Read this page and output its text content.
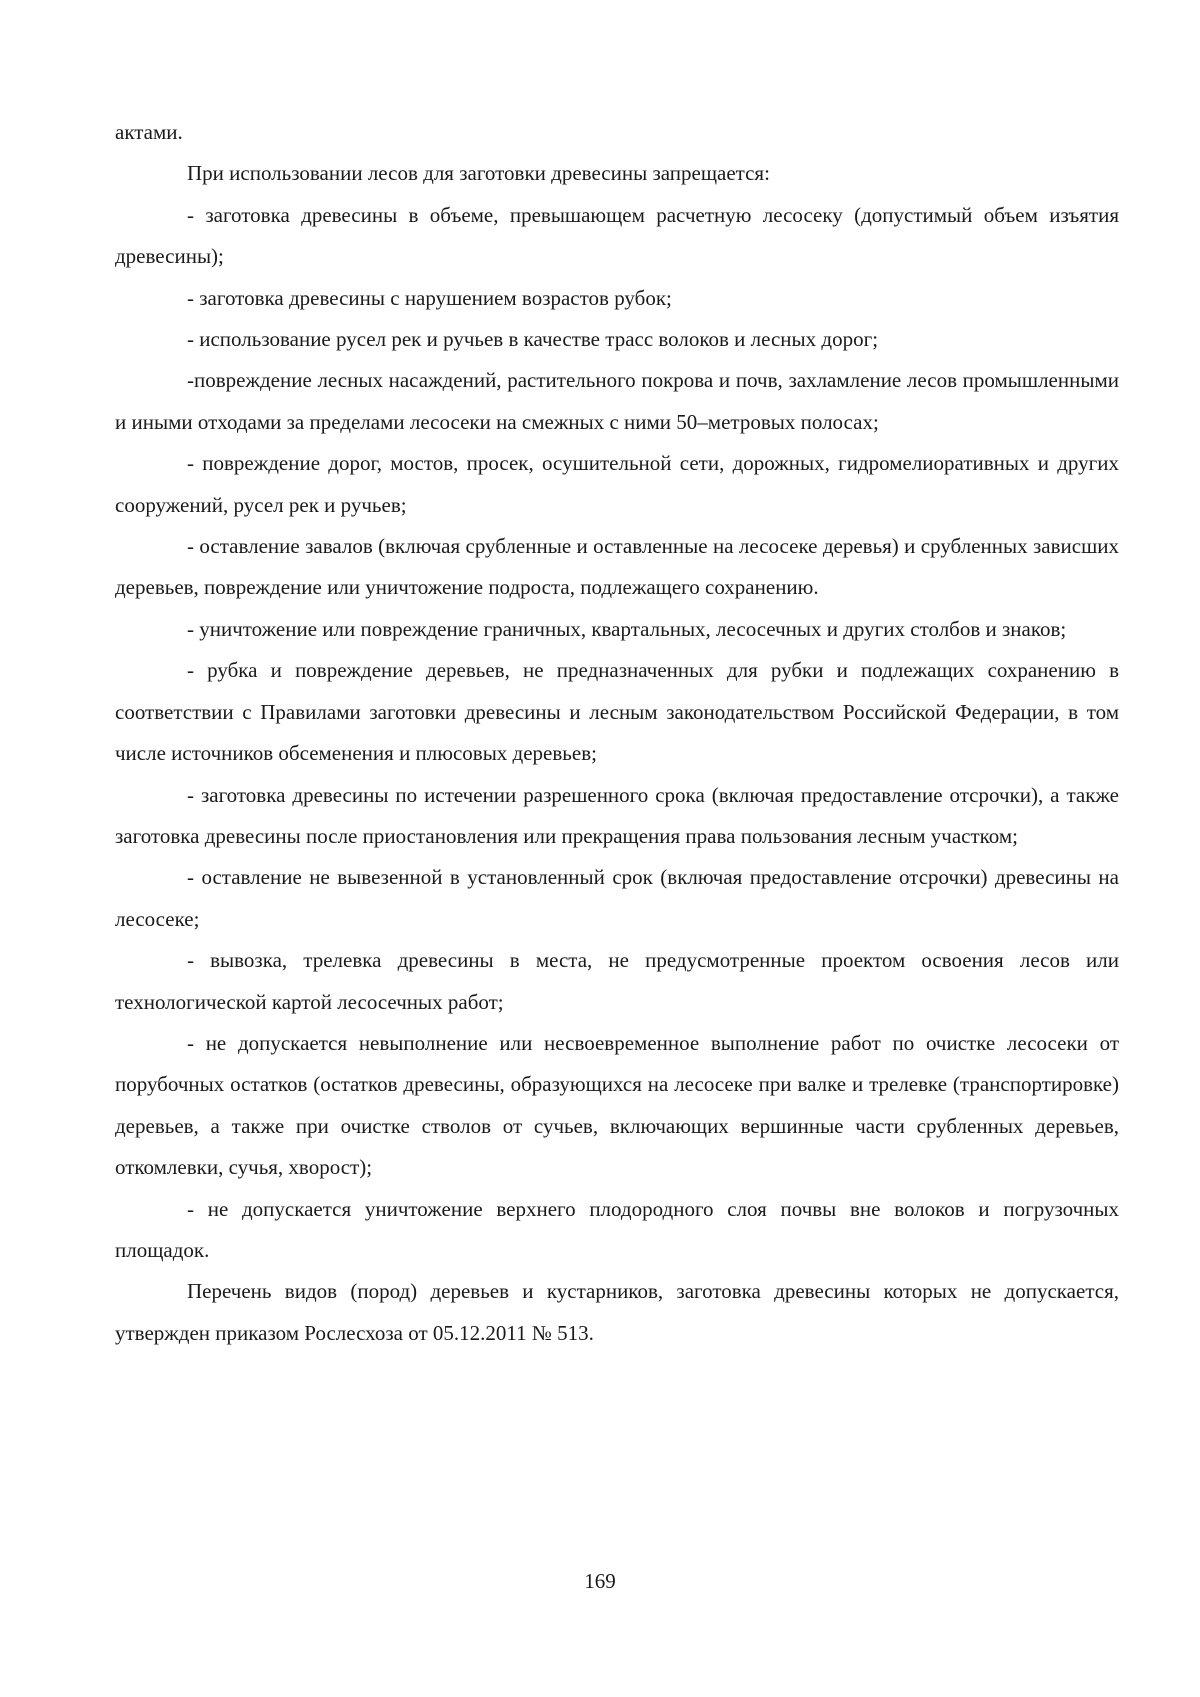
актами.

При использовании лесов для заготовки древесины запрещается:

- заготовка древесины в объеме, превышающем расчетную лесосеку (допустимый объем изъятия древесины);

- заготовка древесины с нарушением возрастов рубок;

- использование русел рек и ручьев в качестве трасс волоков и лесных дорог;

-повреждение лесных насаждений, растительного покрова и почв, захламление лесов промышленными и иными отходами за пределами лесосеки на смежных с ними 50–метровых полосах;

- повреждение дорог, мостов, просек, осушительной сети, дорожных, гидромелиоративных и других сооружений, русел рек и ручьев;

- оставление завалов (включая срубленные и оставленные на лесосеке деревья) и срубленных зависших деревьев, повреждение или уничтожение подроста, подлежащего сохранению.

- уничтожение или повреждение граничных, квартальных, лесосечных и других столбов и знаков;

- рубка и повреждение деревьев, не предназначенных для рубки и подлежащих сохранению в соответствии с Правилами заготовки древесины и лесным законодательством Российской Федерации, в том числе источников обсеменения и плюсовых деревьев;

- заготовка древесины по истечении разрешенного срока (включая предоставление отсрочки), а также заготовка древесины после приостановления или прекращения права пользования лесным участком;

- оставление не вывезенной в установленный срок (включая предоставление отсрочки) древесины на лесосеке;

- вывозка, трелевка древесины в места, не предусмотренные проектом освоения лесов или технологической картой лесосечных работ;

- не допускается невыполнение или несвоевременное выполнение работ по очистке лесосеки от порубочных остатков (остатков древесины, образующихся на лесосеке при валке и трелевке (транспортировке) деревьев, а также при очистке стволов от сучьев, включающих вершинные части срубленных деревьев, откомлевки, сучья, хворост);

- не допускается уничтожение верхнего плодородного слоя почвы вне волоков и погрузочных площадок.

Перечень видов (пород) деревьев и кустарников, заготовка древесины которых не допускается, утвержден приказом Рослесхоза от 05.12.2011 № 513.

169
